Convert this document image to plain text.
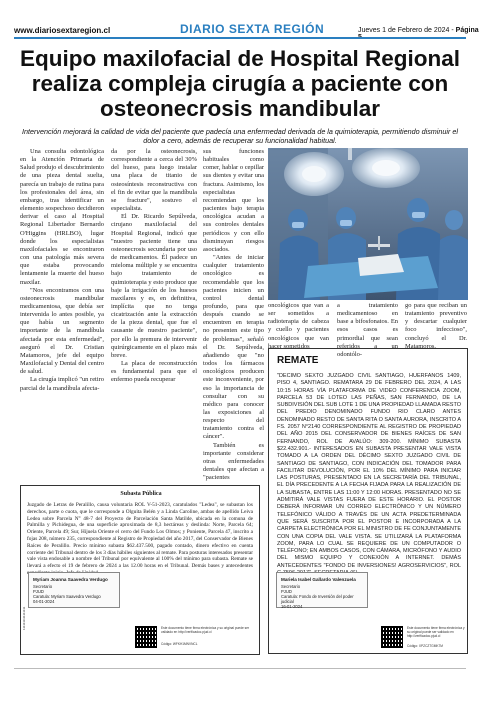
www.diariosextaregion.cl	DIARIO SEXTA REGIÓN	Jueves 1 de Febrero de 2024 - Página
Equipo maxilofacial de Hospital Regional realiza compleja cirugía a paciente con osteonecrosis mandibular
Intervención mejorará la calidad de vida del paciente que padecía una enfermedad derivada de la quimioterapia, permitiendo disminuir el dolor a cero, además de recuperar su funcionalidad habitual.

Una consulta odontológica en la Atención Primaria de Salud produjo el descubrimiento de una pieza dental suelta, parecía un trabajo de rutina para los profesionales del área, sin embargo, tras identificar un elemento sospechoso decidieron derivar el caso al Hospital Regional Libertador Bernardo O'Higgins (HRLBO), lugar donde los especialistas maxilofaciales se encontraron con una patología más severa que estaba provocando lentamente la muerte del hueso maxilar.

"Nos encontramos con una osteonecrosis mandibular medicamentosa, que debía ser intervenida lo antes posible, ya que había un segmento importante de la mandíbula afectada por esta enfermedad", aseguró el Dr. Cristian Matamoros, jefe del equipo Maxilofacial y Dental del centro de salud.

La cirugía implicó "un retiro parcial de la mandíbula afecta-

da por la osteonecrosis, correspondiente a cerca del 30% del hueso, para luego instalar una placa de titanio de osteosíntesis reconstructiva con el fin de evitar que la mandíbula se fracture", sostuvo el especialista.

El Dr. Ricardo Sepúlveda, cirujano maxilofacial del Hospital Regional, indicó que "nuestro paciente tiene una osteonecrosis secundaria por uso de medicamentos. Él padece un mieloma múltiple y se encuentra bajo tratamiento de quimioterapia y esto produce que baje la irrigación de los huesos maxilares y es, en definitiva, implícita que no tenga cicatrización ante la extracción de la pieza dental, que fue el causante de nuestro paciente", por ello la premura de intervenir quirúrgicamente en el plazo más breve.

La placa de reconstrucción es fundamental para que el enfermo pueda recuperar

sus funciones habituales como comer, hablar o cepillar sus dientes y evitar una fractura. Asimismo, los especialistas recomiendan que los pacientes bajo terapia oncológica acudan a sus controles dentales periódicos y con ello disminuyan riesgos asociados.

"Antes de iniciar cualquier tratamiento oncológico es recomendable que los pacientes inicien un control dental profundo, para que después cuando se encuentren en terapia no presenten este tipo de problemas", señaló el Dr. Sepúlveda, añadiendo que "no todos los fármacos oncológicos producen este inconveniente, por eso la importancia de consultar con su médico para conocer las exposiciones al respecto del tratamiento contra el cáncer".

También es importante considerar otras enfermedades dentales que afectan a "pacientes

oncológicos que van a ser sometidos a radioterapia de cabeza y cuello y pacientes oncológicos que van hacer sometidos

a tratamiento medicamentoso en base a bifosfonatos. En esos casos es primordial que sean referidos a un odontólo-

go para que reciban un tratamiento preventivo y descartar cualquier foco infeccioso", concluyó el Dr. Matamoros.

REMATE
"DECIMO SEXTO JUZGADO CIVIL SANTIAGO, HUERFANOS 1409, PISO 4, SANTIAGO. REMATARA 29 DE FEBRERO DEL 2024, A LAS 10:15 HORAS VÍA PLATAFORMA DE VIDEO CONFERENCIA ZOOM, PARCELA 53 DE LOTEO LAS PEÑAS, SAN FERNANDO, DE LA SUBDIVISIÓN DEL SUB LOTE 1 DE UNA PROPIEDAD LLAMADA RESTO DEL PREDIO DENOMINADO FUNDO RIO CLARO ANTES DENOMINADO RESTO DE SANTA RITA O SANTA AURORA, INSCRITO A FS. 2057 N°2140 CORRESPONDIENTE AL REGISTRO DE PROPIEDAD DEL AÑO 2015 DEL CONSERVADOR DE BIENES RAÍCES DE SAN FERNANDO, ROL DE AVALÚO: 309-200. MÍNIMO SUBASTA $22.432.901.- INTERESADOS EN SUBASTA PRESENTAR VALE VISTA TOMADO A LA ORDEN DEL DÉCIMO SEXTO JUZGADO CIVIL DE SANTIAGO DE SANTIAGO, CON INDICACIÓN DEL TOMADOR PARA FACILITAR DEVOLUCIÓN, POR EL 10% DEL MÍNIMO PARA INICIAR LAS POSTURAS, PRESENTADO EN LA SECRETARÍA DEL TRIBUNAL, EL DÍA PRECEDENTE A LA FECHA FIJADA PARA LA REALIZACIÓN DE LA SUBASTA, ENTRE LAS 11:00 Y 12:00 HORAS. PRESENTADO NO SE ADMITIRÁ VALE VISTAS FUERA DE ESTE HORARIO. EL POSTOR DEBERÁ INFORMAR UN CORREO ELECTRÓNICO Y UN NÚMERO TELEFÓNICO VÁLIDO A TRAVÉS DE UN ACTA PREDETERMINADA QUE SERÁ SUSCRITA POR EL POSTOR E INCORPORADA A LA CARPETA ELECTRÓNICA POR EL MINISTRO DE FE CONJUNTAMENTE CON UNA COPIA DEL VALE VISTA. SE UTILIZARÁ LA PLATAFORMA ZOOM, PARA LO CUAL SE REQUIERE DE UN COMPUTADOR O TELÉFONO; EN AMBOS CASOS, CON CÁMARA, MICRÓFONO Y AUDIO DEL MISMO EQUIPO Y CONEXIÓN A INTERNET. DEMÁS ANTECEDENTES "FONDO DE INVERSIONES! AGROSERVICIOS", ROL
Subasta Pública
Juzgado de Letras de Peralillo, causa voluntaria ROL V-51-2023, caratulados "Ledea", se subastan los derechos, parte o cuota, que le corresponde a Olguita Belén y a Linda Caroline, ambas de apellido Leiva Ledea sobre Parcela N° 48-7 del Proyecto de Parcelación Santa Matilde, ubicada en la comuna de Palmilla y Pichidegua, de una superficie aproximada de 8,3 hectáreas y deslinda: Norte, Parcela 64; Oriente, Parcela 49; Sur, Hijuela Oriente el cerro del Fundo Los Olmos; y Poniente, Parcela 47, inscrito a fojas 208, número 235, correspondiente al Registro de Propiedad del año 2017, del Conservador de Bienes Raíces de Peralillo. Precio mínimo subasta $62.437.500, pagado contado, dinero efectivo en cuenta corriente del Tribunal dentro de los 3 días hábiles siguientes al remate. Para posturas interesados presentar vale vista endosable a nombre del Tribunal por equivalente al 100% del mínimo para subasta. Remate se llevará a efecto el 19 de febrero de 2024 a las 12.00 horas en el Tribunal. Demás bases y antecedentes
1111111111111111
Myriam Joanna Saavedra Verdugo
Secretario
PJUD
Caratula: Myriam Saavedra Verdugo
04-01-2024
Este documento tiene firma electrónica y su original puede ser validado en http://verificadoc.pjud.cl
Código: WFKH1MNVNCL
Mariela Isabel Gallardo Valenzuela
Secretario
PJUD
Caratula: Fondo de Inversión del poder judicial
16-01-2024
Este documento tiene firma electrónica y su original puede ser validado en http://verificadoc.pjud.cl
Código: XPZCZTGMK7M
